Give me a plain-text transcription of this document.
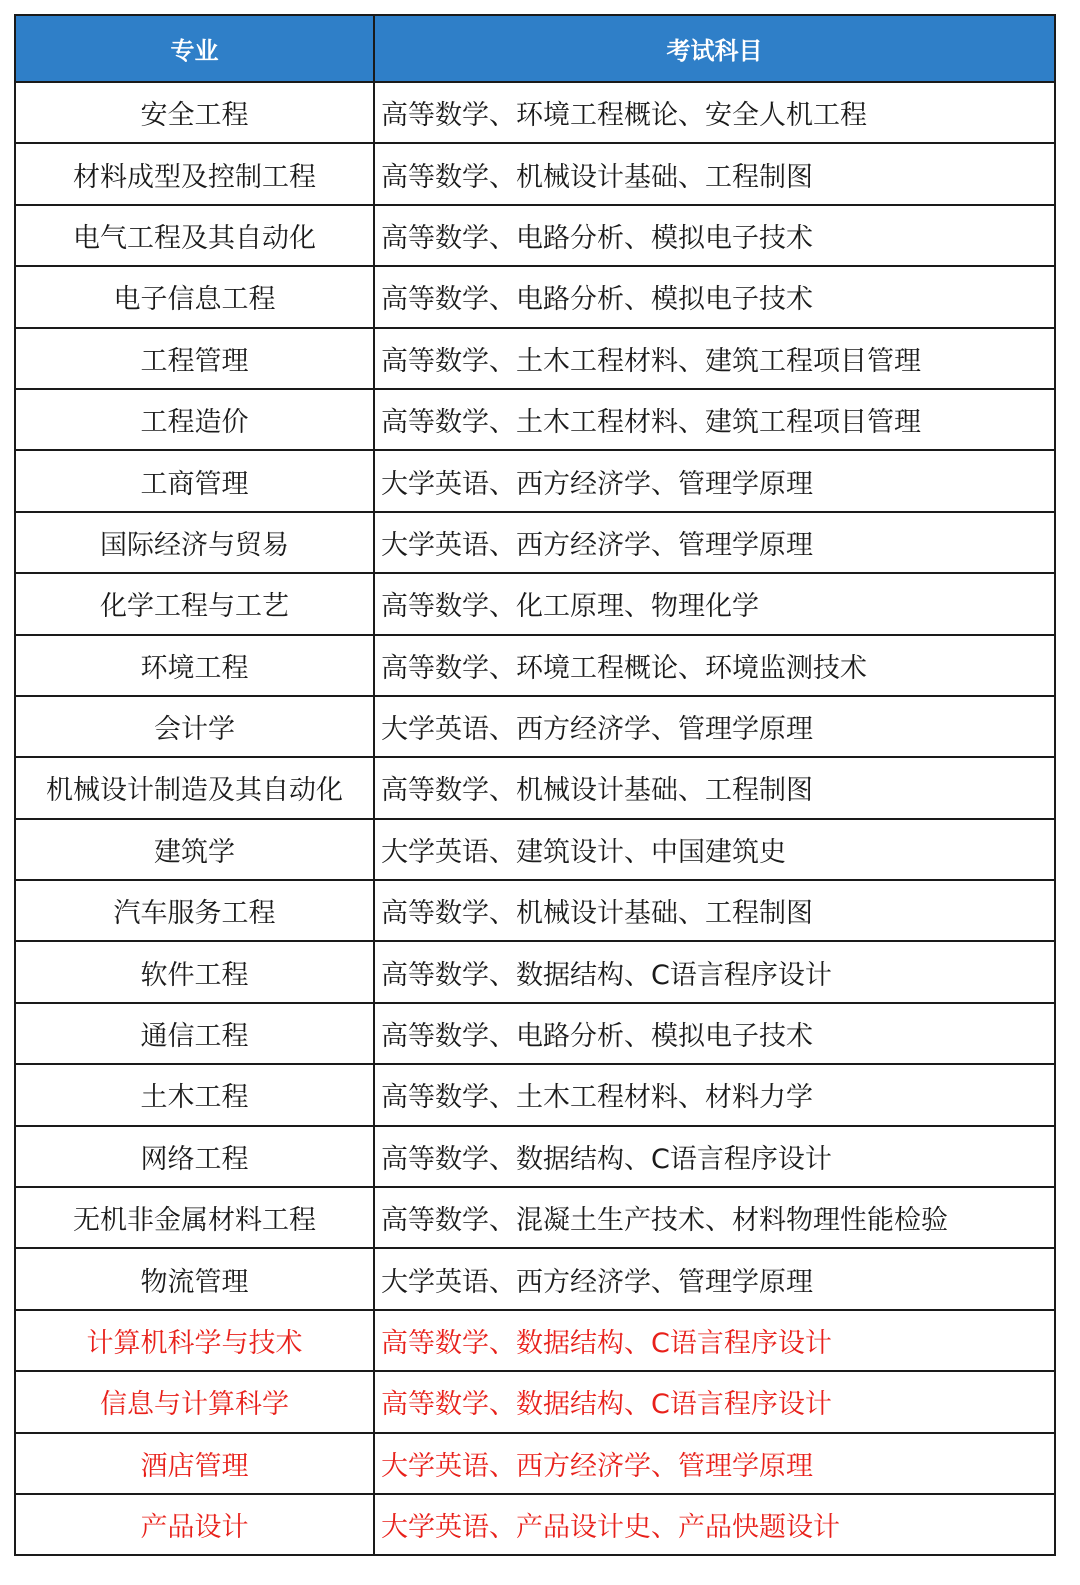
专业	考试科目
安全工程	高等数学、环境工程概论、安全人机工程
材料成型及控制工程	高等数学、机械设计基础、工程制图
电气工程及其自动化	高等数学、电路分析、模拟电子技术
电子信息工程	高等数学、电路分析、模拟电子技术
工程管理	高等数学、土木工程材料、建筑工程项目管理
工程造价	高等数学、土木工程材料、建筑工程项目管理
工商管理	大学英语、西方经济学、管理学原理
国际经济与贸易	大学英语、西方经济学、管理学原理
化学工程与工艺	高等数学、化工原理、物理化学
环境工程	高等数学、环境工程概论、环境监测技术
会计学	大学英语、西方经济学、管理学原理
机械设计制造及其自动化	高等数学、机械设计基础、工程制图
建筑学	大学英语、建筑设计、中国建筑史
汽车服务工程	高等数学、机械设计基础、工程制图
软件工程	高等数学、数据结构、C语言程序设计
通信工程	高等数学、电路分析、模拟电子技术
土木工程	高等数学、土木工程材料、材料力学
网络工程	高等数学、数据结构、C语言程序设计
无机非金属材料工程	高等数学、混凝土生产技术、材料物理性能检验
物流管理	大学英语、西方经济学、管理学原理
计算机科学与技术	高等数学、数据结构、C语言程序设计
信息与计算科学	高等数学、数据结构、C语言程序设计
酒店管理	大学英语、西方经济学、管理学原理
产品设计	大学英语、产品设计史、产品快题设计
